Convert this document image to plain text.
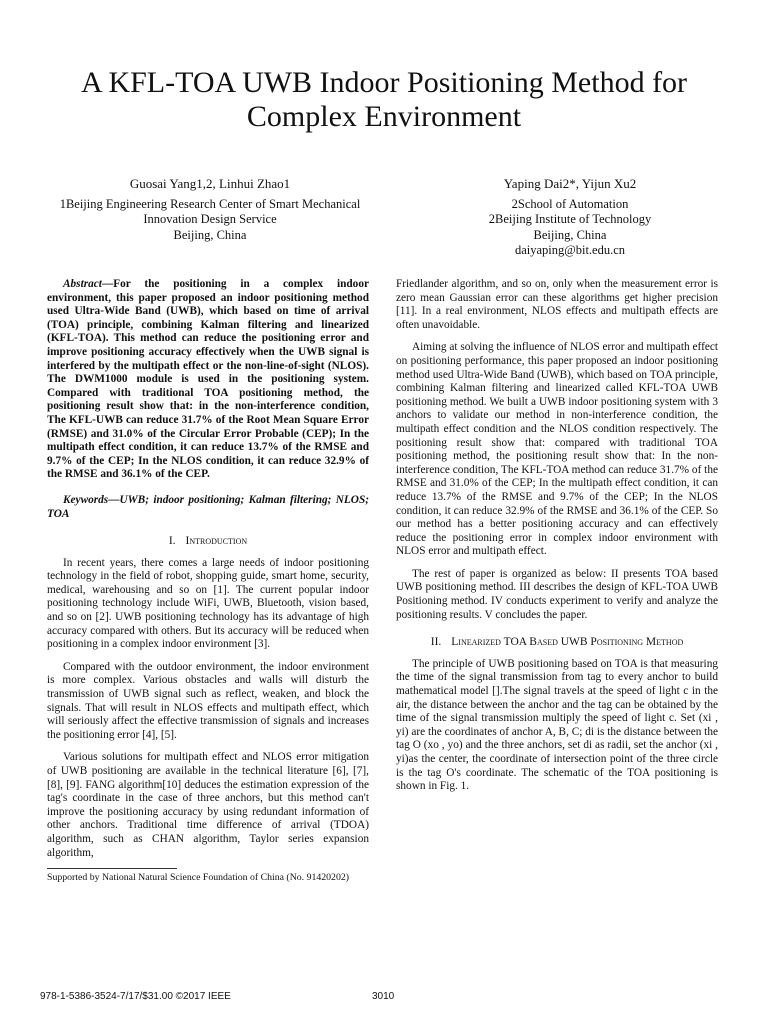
A KFL-TOA UWB Indoor Positioning Method for
Complex Environment
Guosai Yang1,2, Linhui Zhao1
1Beijing Engineering Research Center of Smart Mechanical
Innovation Design Service
Beijing, China
Yaping Dai2*, Yijun Xu2
2School of Automation
2Beijing Institute of Technology
Beijing, China
daiyaping@bit.edu.cn

Abstract—For the positioning in a complex indoor environment, this paper proposed an indoor positioning method used Ultra-Wide Band (UWB), which based on time of arrival (TOA) principle, combining Kalman filtering and linearized (KFL-TOA). This method can reduce the positioning error and improve positioning accuracy effectively when the UWB signal is interfered by the multipath effect or the non-line-of-sight (NLOS). The DWM1000 module is used in the positioning system. Compared with traditional TOA positioning method, the positioning result show that: in the non-interference condition, The KFL-UWB can reduce 31.7% of the Root Mean Square Error (RMSE) and 31.0% of the Circular Error Probable (CEP); In the multipath effect condition, it can reduce 13.7% of the RMSE and 9.7% of the CEP; In the NLOS condition, it can reduce 32.9% of the RMSE and 36.1% of the CEP.

Keywords—UWB; indoor positioning; Kalman filtering; NLOS; TOA

I. Introduction

In recent years, there comes a large needs of indoor positioning technology in the field of robot, shopping guide, smart home, security, medical, warehousing and so on [1]. The current popular indoor positioning technology include WiFi, UWB, Bluetooth, vision based, and so on [2]. UWB positioning technology has its advantage of high accuracy compared with others. But its accuracy will be reduced when positioning in a complex indoor environment [3].

Compared with the outdoor environment, the indoor environment is more complex. Various obstacles and walls will disturb the transmission of UWB signal such as reflect, weaken, and block the signals. That will result in NLOS effects and multipath effect, which will seriously affect the effective transmission of signals and increases the positioning error [4], [5].

Various solutions for multipath effect and NLOS error mitigation of UWB positioning are available in the technical literature [6], [7], [8], [9]. FANG algorithm[10] deduces the estimation expression of the tag's coordinate in the case of three anchors, but this method can't improve the positioning accuracy by using redundant information of other anchors. Traditional time difference of arrival (TDOA) algorithm, such as CHAN algorithm, Taylor series expansion algorithm,

Friedlander algorithm, and so on, only when the measurement error is zero mean Gaussian error can these algorithms get higher precision [11]. In a real environment, NLOS effects and multipath effects are often unavoidable.

Aiming at solving the influence of NLOS error and multipath effect on positioning performance, this paper proposed an indoor positioning method used Ultra-Wide Band (UWB), which based on TOA principle, combining Kalman filtering and linearized called KFL-TOA UWB positioning method. We built a UWB indoor positioning system with 3 anchors to validate our method in non-interference condition, the multipath effect condition and the NLOS condition respectively. The positioning result show that: compared with traditional TOA positioning method, the positioning result show that: In the non-interference condition, The KFL-TOA method can reduce 31.7% of the RMSE and 31.0% of the CEP; In the multipath effect condition, it can reduce 13.7% of the RMSE and 9.7% of the CEP; In the NLOS condition, it can reduce 32.9% of the RMSE and 36.1% of the CEP. So our method has a better positioning accuracy and can effectively reduce the positioning error in complex indoor environment with NLOS error and multipath effect.

The rest of paper is organized as below: II presents TOA based UWB positioning method. III describes the design of KFL-TOA UWB Positioning method. IV conducts experiment to verify and analyze the positioning results. V concludes the paper.

II. Linearized TOA Based UWB Positioning Method

The principle of UWB positioning based on TOA is that measuring the time of the signal transmission from tag to every anchor to build mathematical model [].The signal travels at the speed of light c in the air, the distance between the anchor and the tag can be obtained by the time of the signal transmission multiply the speed of light c. Set (xi , yi) are the coordinates of anchor A, B, C; di is the distance between the tag O (xo , yo) and the three anchors, set di as radii, set the anchor (xi , yi)as the center, the coordinate of intersection point of the three circle is the tag O's coordinate. The schematic of the TOA positioning is shown in Fig. 1.

Supported by National Natural Science Foundation of China (No. 91420202)
978-1-5386-3524-7/17/$31.00 ©2017 IEEE	3010
